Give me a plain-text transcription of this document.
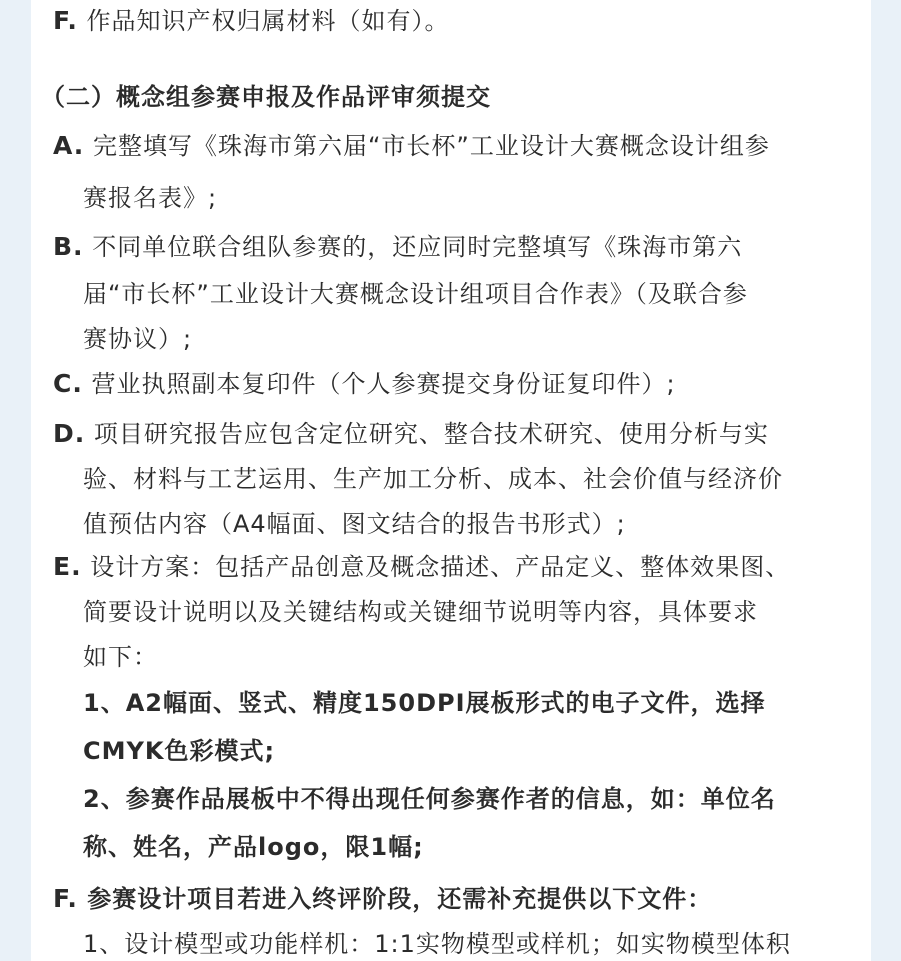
F. 作品知识产权归属材料（如有）。
（二）概念组参赛申报及作品评审须提交
A. 完整填写《珠海市第六届“市长杯”工业设计大赛概念设计组参
赛报名表》;
B. 不同单位联合组队参赛的，还应同时完整填写《珠海市第六
届“市长杯”工业设计大赛概念设计组项目合作表》（及联合参
赛协议）;
C. 营业执照副本复印件（个人参赛提交身份证复印件）;
D. 项目研究报告应包含定位研究、整合技术研究、使用分析与实
验、材料与工艺运用、生产加工分析、成本、社会价值与经济价
值预估内容（A4幅面、图文结合的报告书形式）;
E. 设计方案：包括产品创意及概念描述、产品定义、整体效果图、
简要设计说明以及关键结构或关键细节说明等内容，具体要求
如下：
1、A2幅面、竖式、精度150DPI展板形式的电子文件，选择
CMYK色彩模式;
2、参赛作品展板中不得出现任何参赛作者的信息，如：单位名
称、姓名，产品logo，限1幅;
F. 参赛设计项目若进入终评阶段，还需补充提供以下文件：
1、设计模型或功能样机：1:1实物模型或样机；如实物模型体积
